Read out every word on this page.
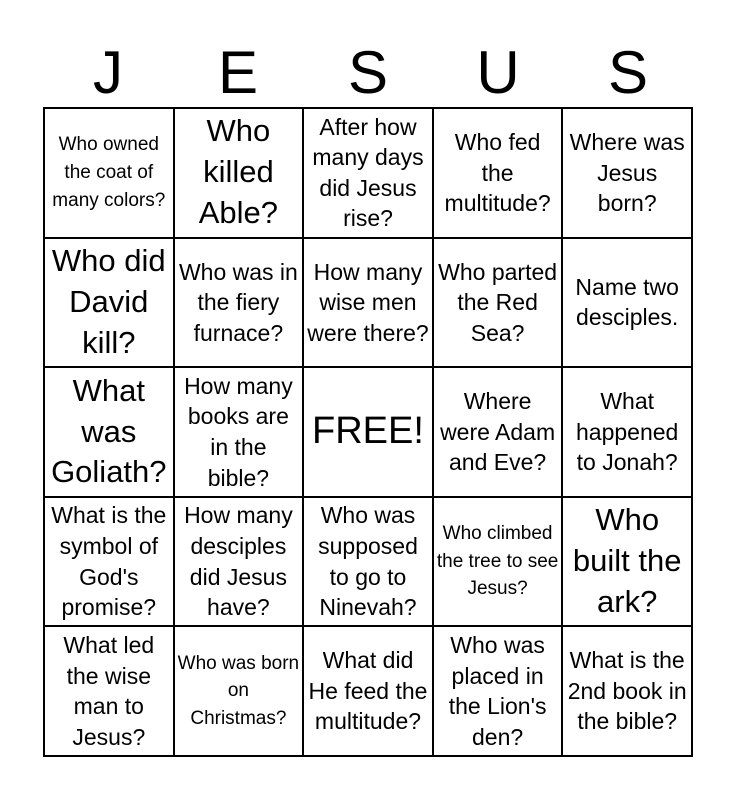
J	E	S	U	S
Who owned the coat of many colors?
Who killed Able?
After how many days did Jesus rise?
Who fed the multitude?
Where was Jesus born?
Who did David kill?
Who was in the fiery furnace?
How many wise men were there?
Who parted the Red Sea?
Name two desciples.
What was Goliath?
How many books are in the bible?
FREE!
Where were Adam and Eve?
What happened to Jonah?
What is the symbol of God's promise?
How many desciples did Jesus have?
Who was supposed to go to Ninevah?
Who climbed the tree to see Jesus?
Who built the ark?
What led the wise man to Jesus?
Who was born on Christmas?
What did He feed the multitude?
Who was placed in the Lion's den?
What is the 2nd book in the bible?
